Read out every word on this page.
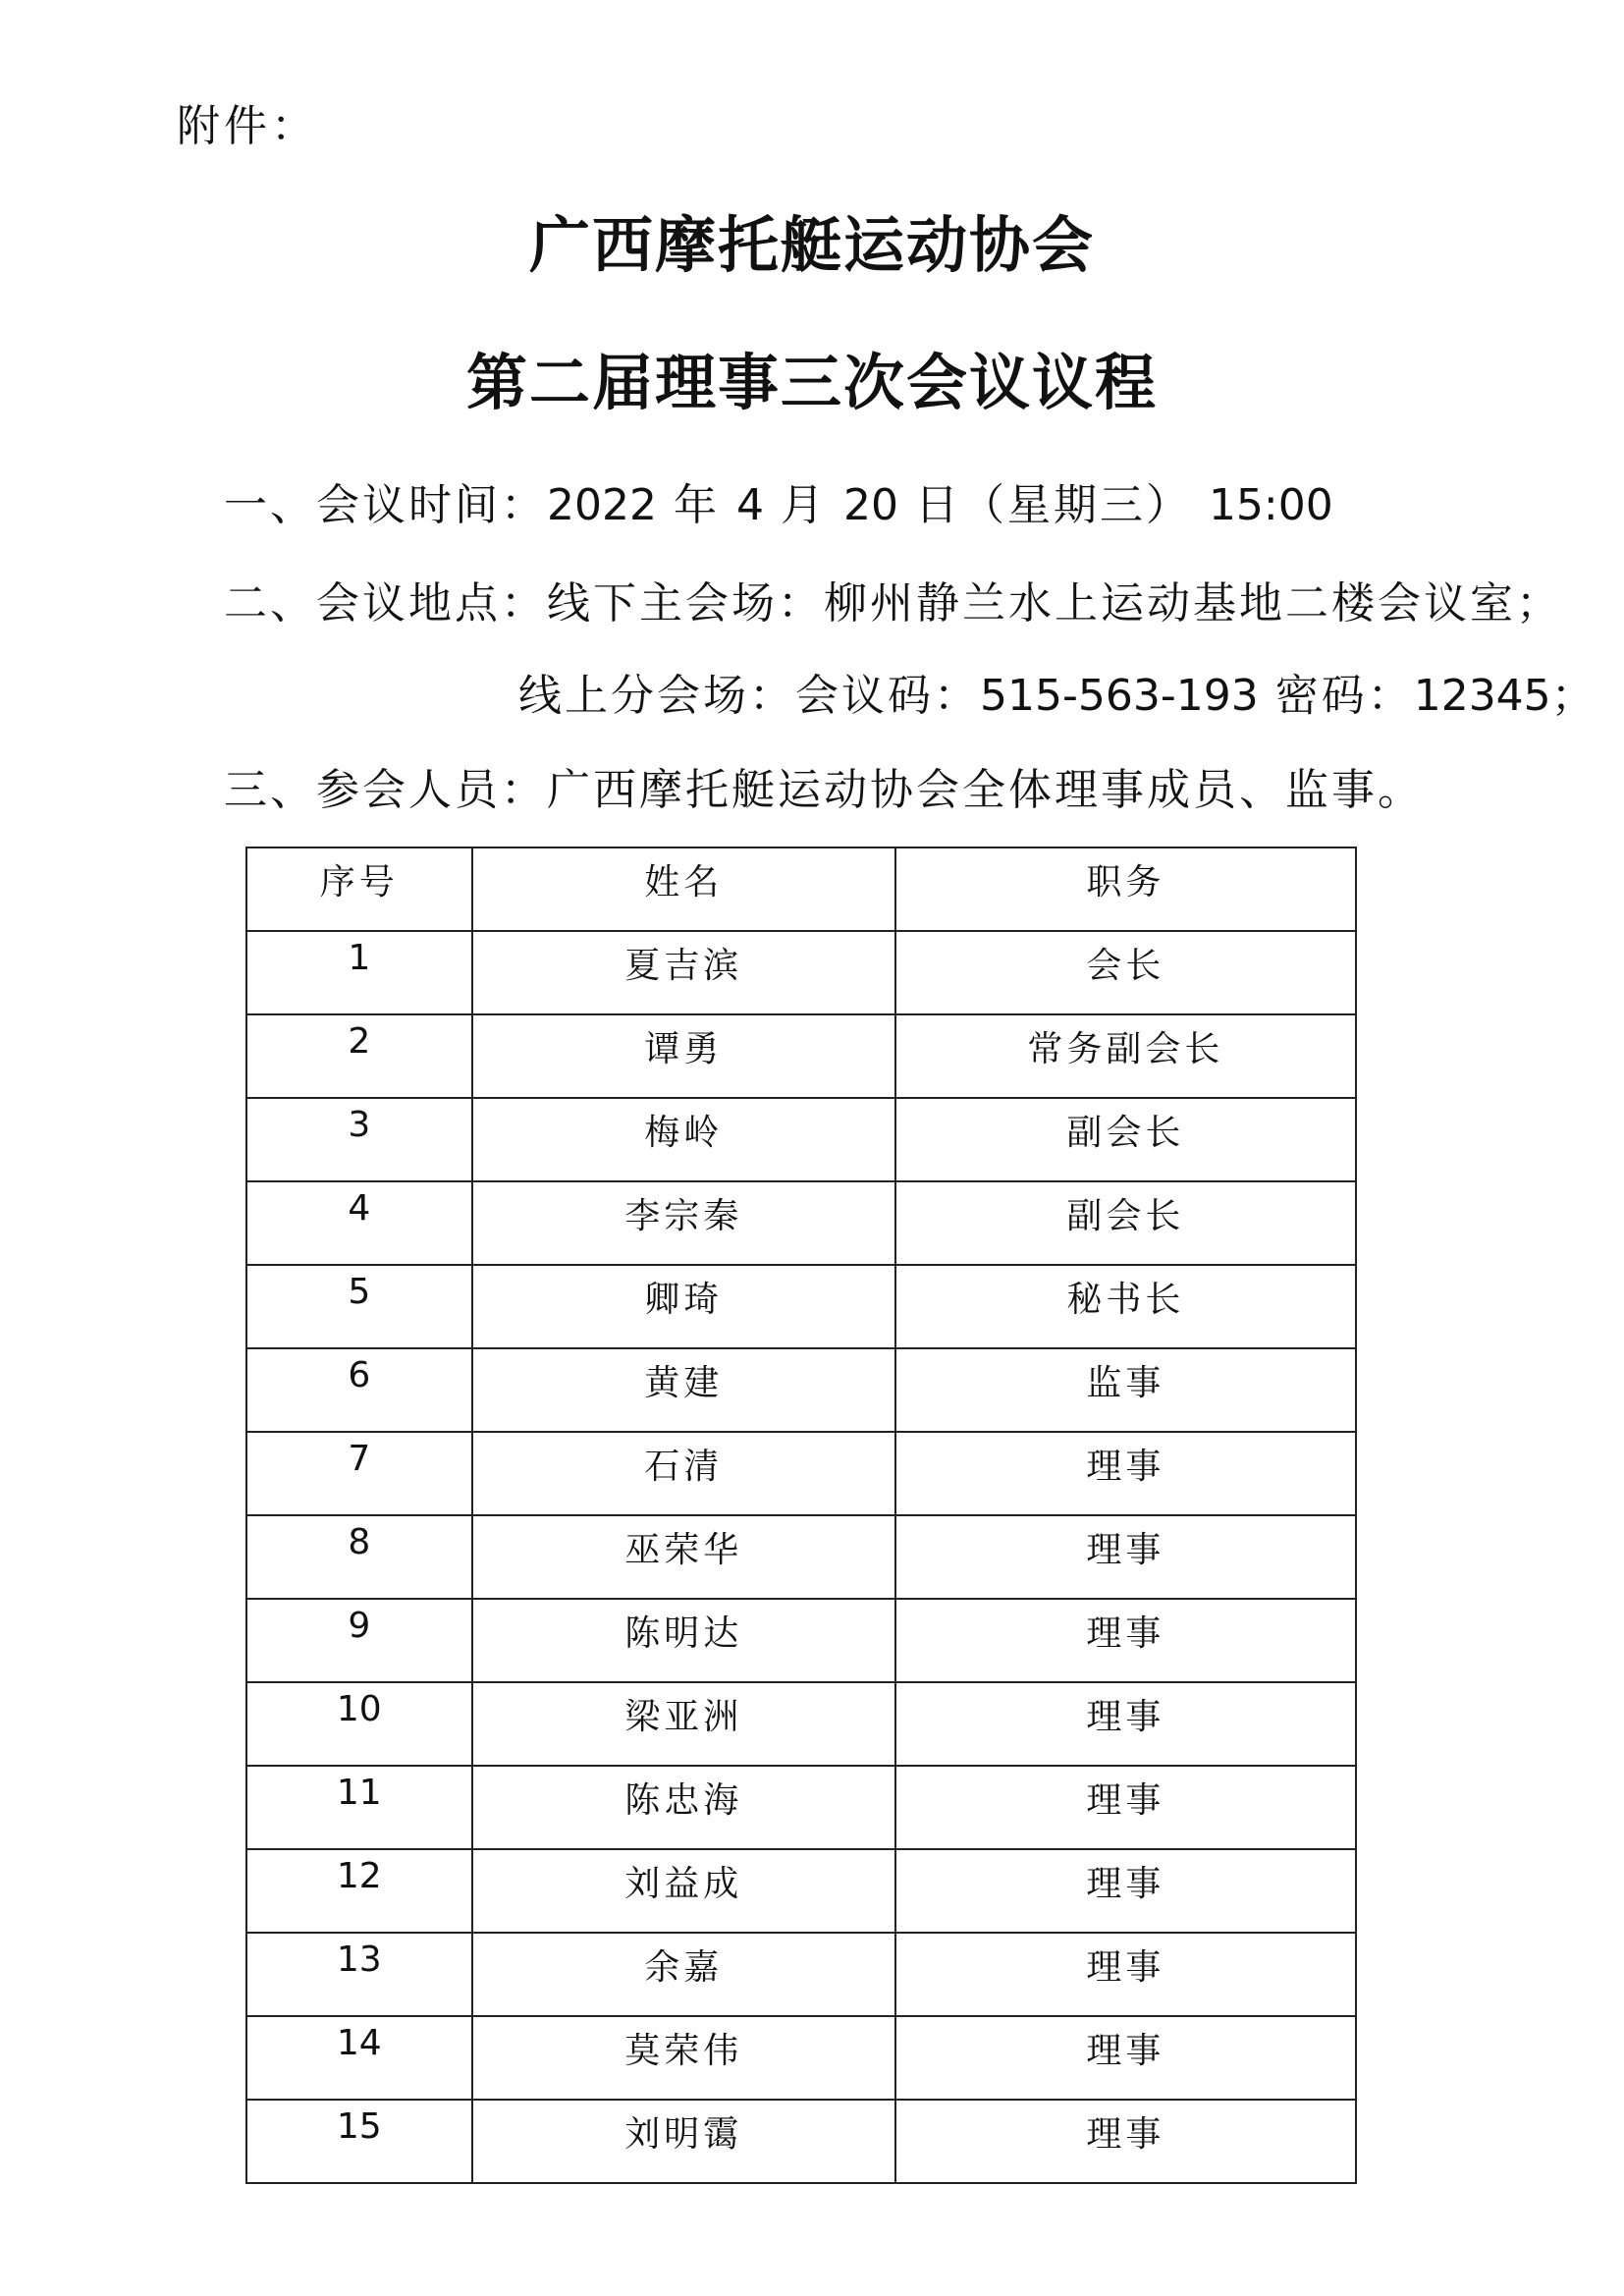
附件：
广西摩托艇运动协会
第二届理事三次会议议程
一、会议时间：2022 年 4 月 20 日（星期三） 15:00
二、会议地点：线下主会场：柳州静兰水上运动基地二楼会议室；
线上分会场：会议码：515-563-193 密码：12345；
三、参会人员：广西摩托艇运动协会全体理事成员、监事。
序号	姓名	职务
1	夏吉滨	会长
2	谭勇	常务副会长
3	梅岭	副会长
4	李宗秦	副会长
5	卿琦	秘书长
6	黄建	监事
7	石清	理事
8	巫荣华	理事
9	陈明达	理事
10	梁亚洲	理事
11	陈忠海	理事
12	刘益成	理事
13	余嘉	理事
14	莫荣伟	理事
15	刘明霭	理事
